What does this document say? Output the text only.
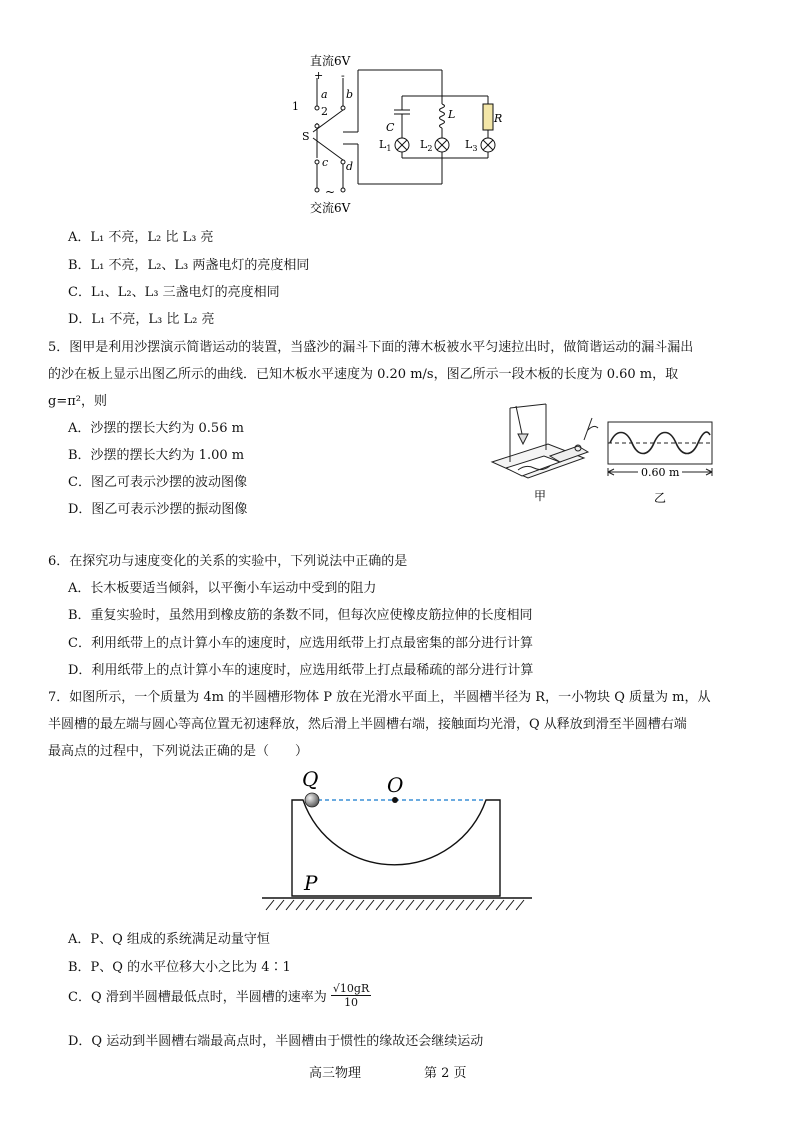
直流6V
+ -
a b
1 2
S
c d
~
交流6V
C
L	R
$L_1$	$L_2$	$L_3$
A．L₁ 不亮，L₂ 比 L₃ 亮
B．L₁ 不亮，L₂、L₃ 两盏电灯的亮度相同
C．L₁、L₂、L₃ 三盏电灯的亮度相同
D．L₁ 不亮，L₃ 比 L₂ 亮
5．图甲是利用沙摆演示简谐运动的装置，当盛沙的漏斗下面的薄木板被水平匀速拉出时，做简谐运动的漏斗漏出
的沙在板上显示出图乙所示的曲线．已知木板水平速度为 0.20 m/s，图乙所示一段木板的长度为 0.60 m，取
g=π²，则
A．沙摆的摆长大约为 0.56 m
B．沙摆的摆长大约为 1.00 m
C．图乙可表示沙摆的波动图像
D．图乙可表示沙摆的振动图像
甲
0.60 m
乙
6．在探究功与速度变化的关系的实验中，下列说法中正确的是
A．长木板要适当倾斜，以平衡小车运动中受到的阻力
B．重复实验时，虽然用到橡皮筋的条数不同，但每次应使橡皮筋拉伸的长度相同
C．利用纸带上的点计算小车的速度时，应选用纸带上打点最密集的部分进行计算
D．利用纸带上的点计算小车的速度时，应选用纸带上打点最稀疏的部分进行计算
7．如图所示，一个质量为 4m 的半圆槽形物体 P 放在光滑水平面上，半圆槽半径为 R，一小物块 Q 质量为 m，从
半圆槽的最左端与圆心等高位置无初速释放，然后滑上半圆槽右端，接触面均光滑，Q 从释放到滑至半圆槽右端
最高点的过程中，下列说法正确的是（　　）
Q	O
P
A．P、Q 组成的系统满足动量守恒
B．P、Q 的水平位移大小之比为 4∶1
C．Q 滑到半圆槽最低点时，半圆槽的速率为 $\frac{√10gR}{10}$
D．Q 运动到半圆槽右端最高点时，半圆槽由于惯性的缘故还会继续运动
高三物理	第 2 页
